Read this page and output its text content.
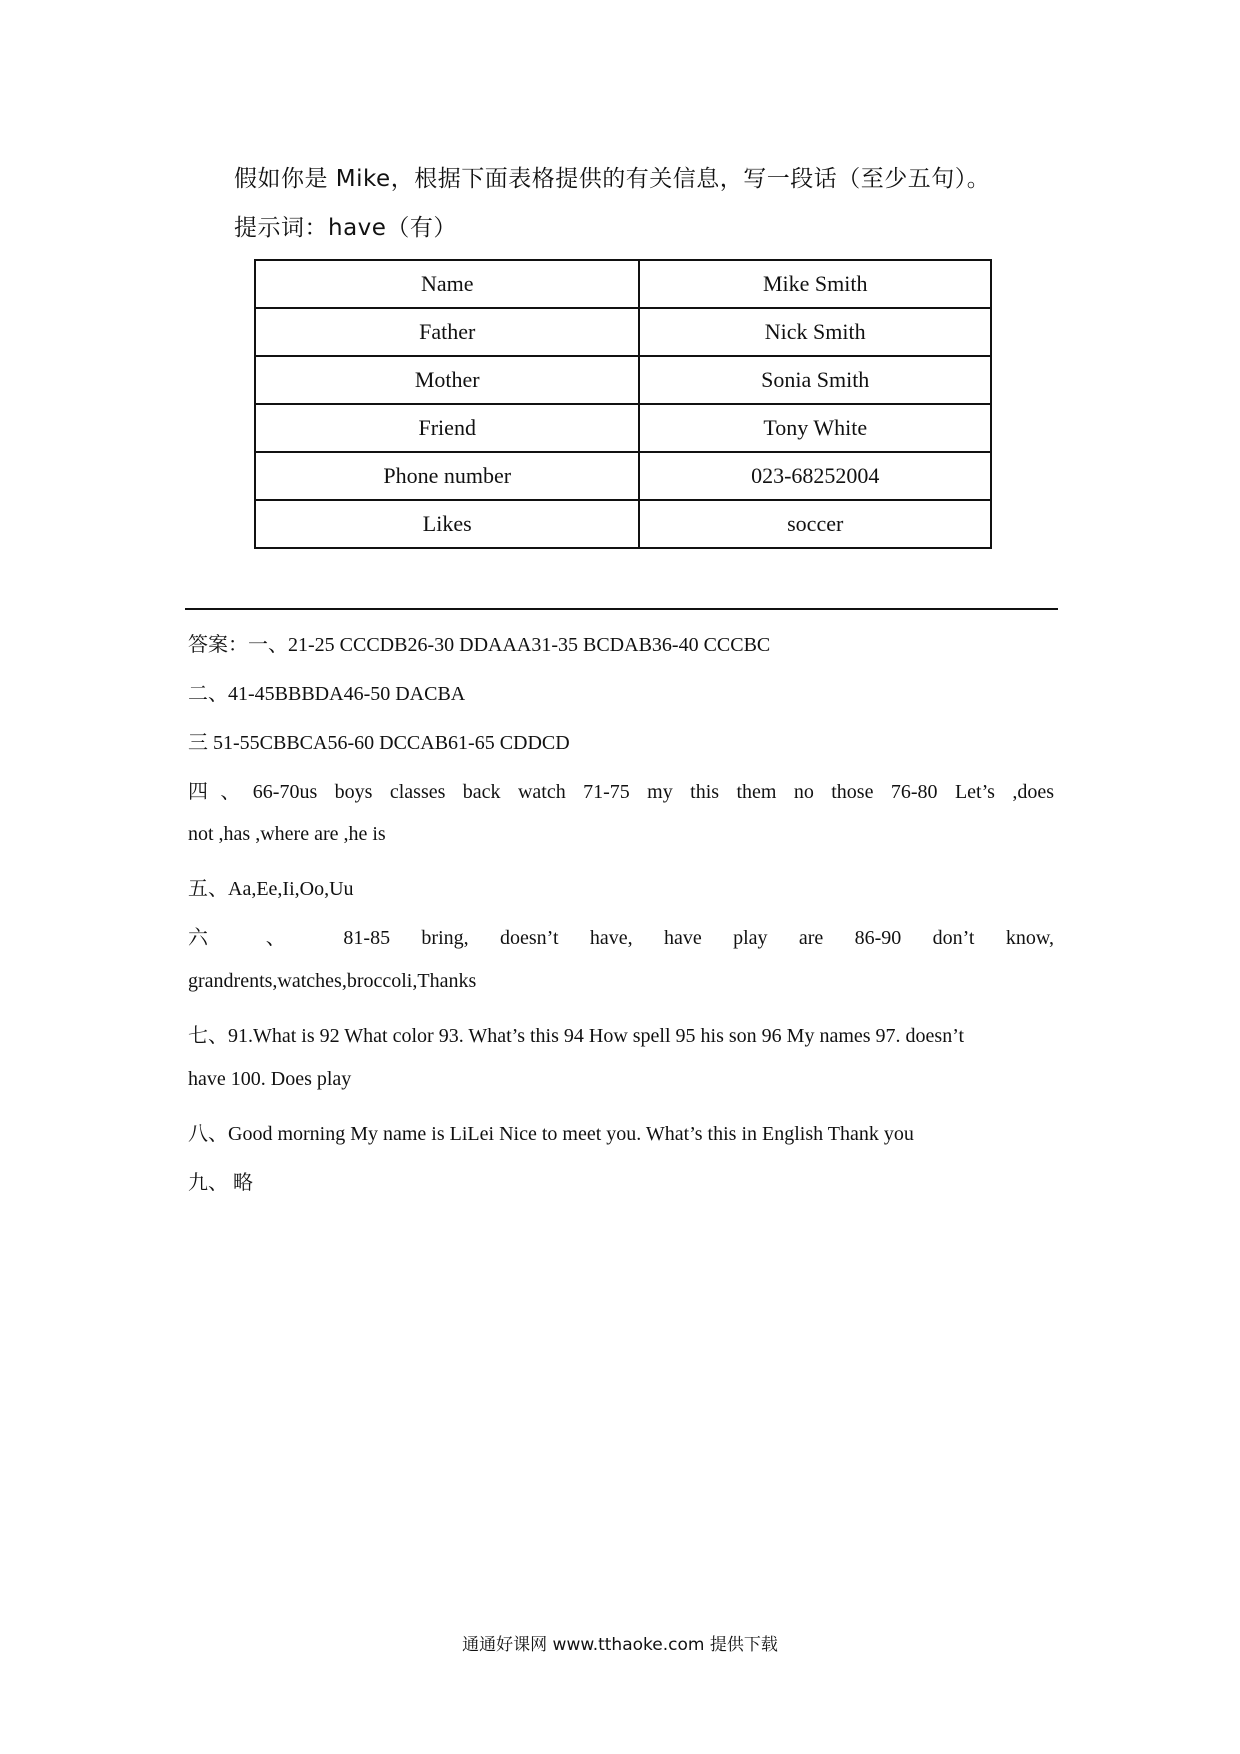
假如你是 Mike，根据下面表格提供的有关信息，写一段话（至少五句）。
提示词：have（有）
Name	Mike Smith
Father	Nick Smith
Mother	Sonia Smith
Friend	Tony White
Phone number	023-68252004
Likes	soccer
答案：一、21-25 CCCDB26-30 DDAAA31-35 BCDAB36-40 CCCBC
二、41-45BBBDA46-50 DACBA
三 51-55CBBCA56-60 DCCAB61-65 CDDCD
四、66-70us boys classes back watch 71-75 my this them no those 76-80 Let’s ,does
not ,has ,where are ,he is
五、Aa,Ee,Ii,Oo,Uu
六 、 81-85 bring, doesn’t have, have play are 86-90 don’t know,
grandrents,watches,broccoli,Thanks
七、91.What is 92 What color 93. What’s this 94 How spell 95 his son 96 My names 97. doesn’t
have 100. Does play
八、Good morning My name is LiLei Nice to meet you. What’s this in English Thank you
九、 略
通通好课网 www.tthaoke.com 提供下载
